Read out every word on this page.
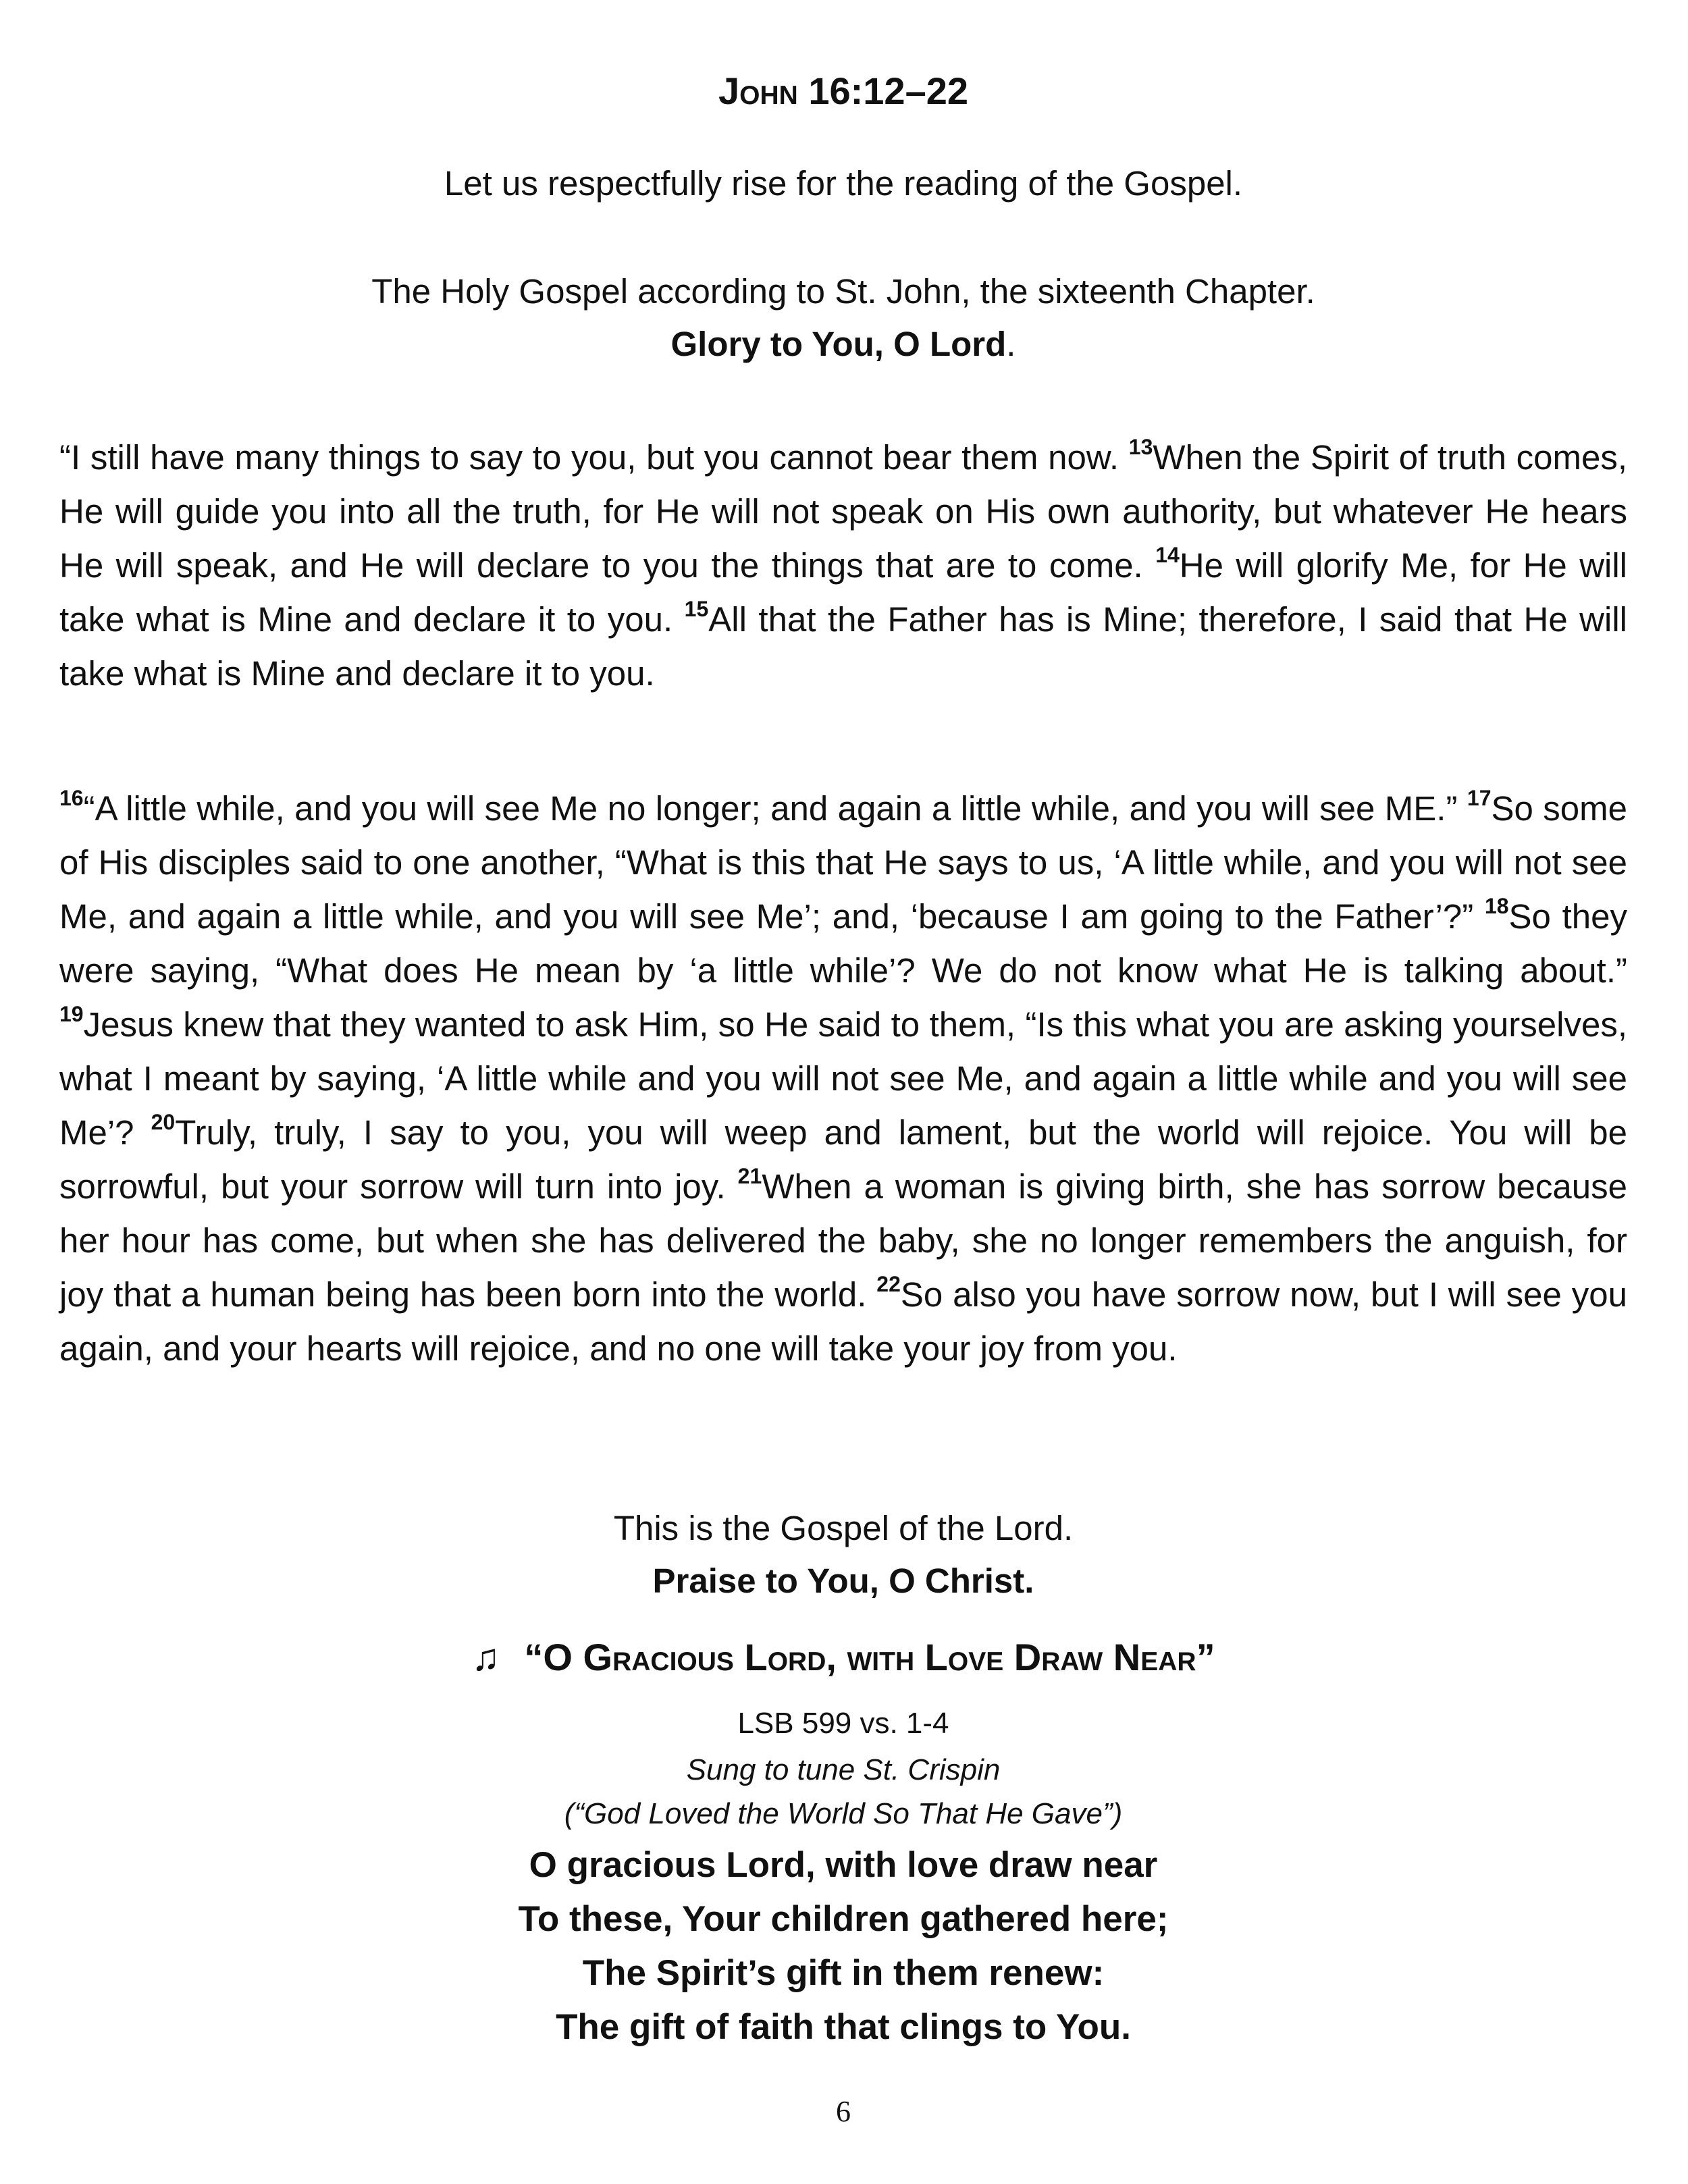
John 16:12–22
Let us respectfully rise for the reading of the Gospel.
The Holy Gospel according to St. John, the sixteenth Chapter.
Glory to You, O Lord.
“I still have many things to say to you, but you cannot bear them now. $^{13}$When the Spirit of truth comes, He will guide you into all the truth, for He will not speak on His own authority, but whatever He hears He will speak, and He will declare to you the things that are to come. $^{14}$He will glorify Me, for He will take what is Mine and declare it to you. $^{15}$All that the Father has is Mine; therefore, I said that He will take what is Mine and declare it to you.
$^{16}$“A little while, and you will see Me no longer; and again a little while, and you will see ME.” $^{17}$So some of His disciples said to one another, “What is this that He says to us, ‘A little while, and you will not see Me, and again a little while, and you will see Me’; and, ‘because I am going to the Father’?” $^{18}$So they were saying, “What does He mean by ‘a little while’? We do not know what He is talking about.” $^{19}$Jesus knew that they wanted to ask Him, so He said to them, “Is this what you are asking yourselves, what I meant by saying, ‘A little while and you will not see Me, and again a little while and you will see Me’? $^{20}$Truly, truly, I say to you, you will weep and lament, but the world will rejoice. You will be sorrowful, but your sorrow will turn into joy. $^{21}$When a woman is giving birth, she has sorrow because her hour has come, but when she has delivered the baby, she no longer remembers the anguish, for joy that a human being has been born into the world. $^{22}$So also you have sorrow now, but I will see you again, and your hearts will rejoice, and no one will take your joy from you.
This is the Gospel of the Lord.
Praise to You, O Christ.
♫ “O Gracious Lord, with Love Draw Near”
LSB 599 vs. 1-4
Sung to tune St. Crispin
(“God Loved the World So That He Gave”)
O gracious Lord, with love draw near
To these, Your children gathered here;
The Spirit’s gift in them renew:
The gift of faith that clings to You.
6
